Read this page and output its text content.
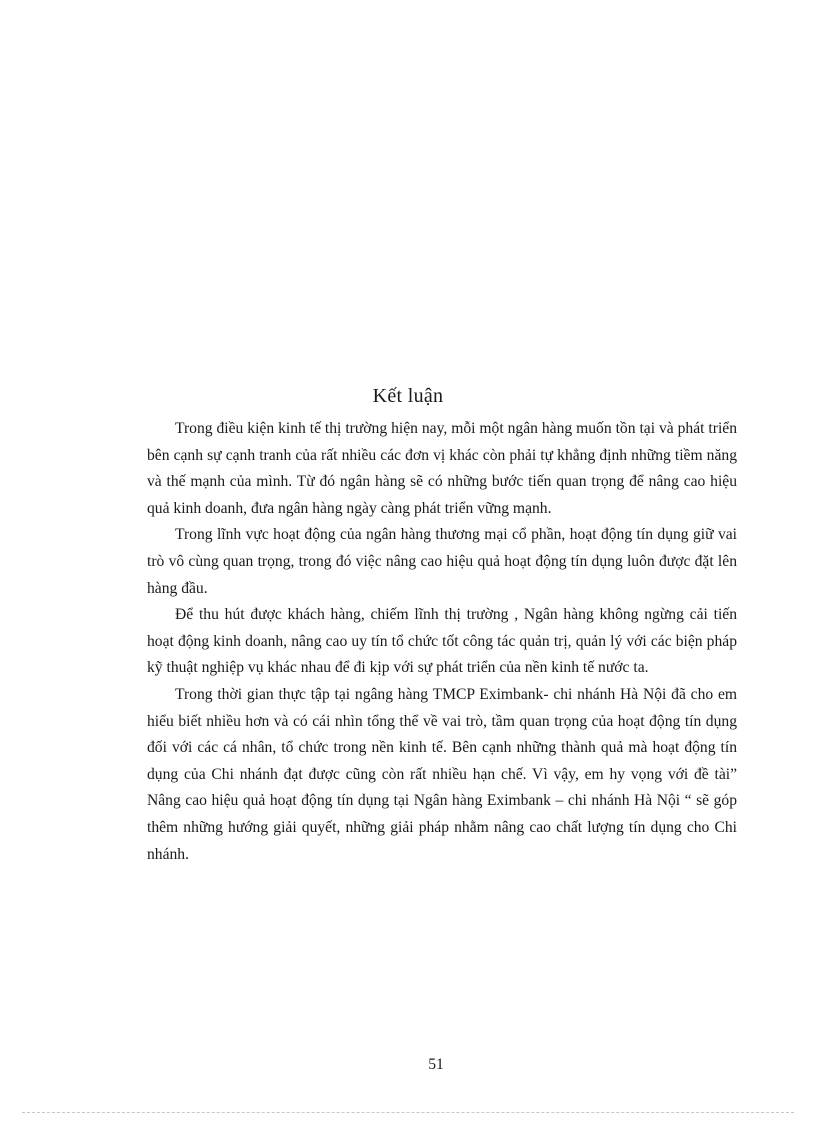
Kết luận

Trong điều kiện kinh tế thị trường hiện nay, mỗi một ngân hàng muốn tồn tại và phát triển bên cạnh sự cạnh tranh của rất nhiều các đơn vị khác còn phải tự khẳng định những tiềm năng và thế mạnh của mình. Từ đó ngân hàng sẽ có những bước tiến quan trọng để nâng cao hiệu quả kinh doanh, đưa ngân hàng ngày càng phát triển vững mạnh.

Trong lĩnh vực hoạt động của ngân hàng thương mại cổ phần, hoạt động tín dụng giữ vai trò vô cùng quan trọng, trong đó việc nâng cao hiệu quả hoạt động tín dụng luôn được đặt lên hàng đầu.

Để thu hút được khách hàng, chiếm lĩnh thị trường , Ngân hàng không ngừng cải tiến hoạt động kinh doanh, nâng cao uy tín tổ chức tốt công tác quản trị, quản lý với các biện pháp kỹ thuật nghiệp vụ khác nhau để đi kịp với sự phát triển của nền kinh tế nước ta.

Trong thời gian thực tập tại ngâng hàng TMCP Eximbank- chi nhánh Hà Nội đã cho em hiểu biết nhiều hơn và có cái nhìn tổng thể về vai trò, tầm quan trọng của hoạt động tín dụng đối với các cá nhân, tổ chức trong nền kinh tế. Bên cạnh những thành quả mà hoạt động tín dụng của Chi nhánh đạt được cũng còn rất nhiều hạn chế. Vì vậy, em hy vọng với đề tài” Nâng cao hiệu quả hoạt động tín dụng tại Ngân hàng Eximbank – chi nhánh Hà Nội “ sẽ góp thêm những hướng giải quyết, những giải pháp nhằm nâng cao chất lượng tín dụng cho Chi nhánh.

51
